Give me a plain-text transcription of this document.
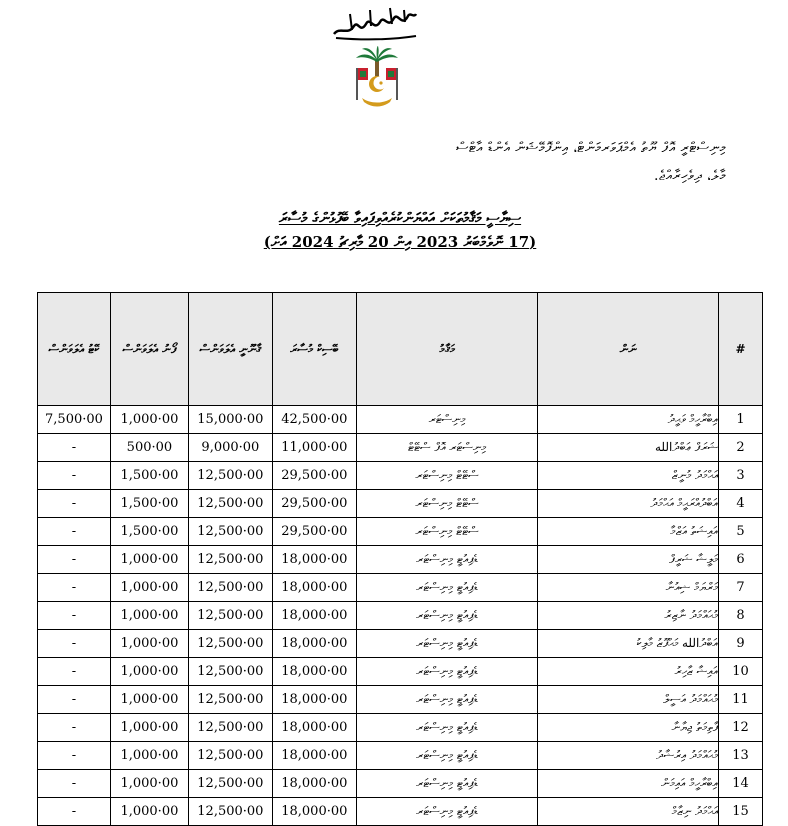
މިނިސްޓްރީ އޮފް ޔޫތު އެމްޕަވަރމަންޓް، އިންފޮމޭޝަން އެންޑް އާޓްސް
މާލެ، ދިވެހިރާއްޖެ.
ސިޔާސީ މަޤާމުތަކަށް އައްޔަންކުރެއްވިފައިވާ ބޭފުޅުންގެ މުސާރަ
(17 ނޮވެމްބަރު 2023 އިން 20 މާރިޗު 2024 އަށް)
ކޭޓު އެލަވަންސް	ފޯނު އެލަވަންސް	ޤާނޫނީ އެލަވަންސް	ބޭސިކް މުސާރަ	މަޤާމު	ނަން	#
7,500·00	1,000·00	15,000·00	42,500·00	މިނިސްޓަރ	އިބްރާހީމް ވަޙީދު	1
-	500·00	9,000·00	11,000·00	މިނިސްޓަރ އޮފް ސްޓޭޓް	ޝަރަފް ޢަބްދުالله	2
-	1,500·00	12,500·00	29,500·00	ސްޓޭޓް މިނިސްޓަރ	އަޙްމަދު މުނީޒް	3
-	1,500·00	12,500·00	29,500·00	ސްޓޭޓް މިނިސްޓަރ	އަބްދުއްރަޙީމް އަޙްމަދު	4
-	1,500·00	12,500·00	29,500·00	ސްޓޭޓް މިނިސްޓަރ	އައިޝަތު އަޒްމާ	5
-	1,000·00	12,500·00	18,000·00	ޑެޕިއުޓީ މިނިސްޓަރ	މަލީޝާ ޝަރީފް	6
-	1,000·00	12,500·00	18,000·00	ޑެޕިއުޓީ މިނިސްޓަރ	މަރްޔަމް ޝިއުނާ	7
-	1,000·00	12,500·00	18,000·00	ޑެޕިއުޓީ މިނިސްޓަރ	މުޙައްމަދު ނާޒިރު	8
-	1,000·00	12,500·00	18,000·00	ޑެޕިއުޓީ މިނިސްޓަރ	އަބްދުالله މަޙްފޫޒު މާލިކު	9
-	1,000·00	12,500·00	18,000·00	ޑެޕިއުޓީ މިނިސްޓަރ	އައިޝާ ޒާހިރު	10
-	1,000·00	12,500·00	18,000·00	ޑެޕިއުޓީ މިނިސްޓަރ	މުޙައްމަދު އަސީލް	11
-	1,000·00	12,500·00	18,000·00	ޑެޕިއުޓީ މިނިސްޓަރ	ފާތިމަތު ޖިޔާނާ	12
-	1,000·00	12,500·00	18,000·00	ޑެޕިއުޓީ މިނިސްޓަރ	މުޙައްމަދު އިރުޝާދު	13
-	1,000·00	12,500·00	18,000·00	ޑެޕިއުޓީ މިނިސްޓަރ	އިބްރާހީމް އައިމަން	14
-	1,000·00	12,500·00	18,000·00	ޑެޕިއުޓީ މިނިސްޓަރ	އަޙްމަދު ނިޒާމް	15
